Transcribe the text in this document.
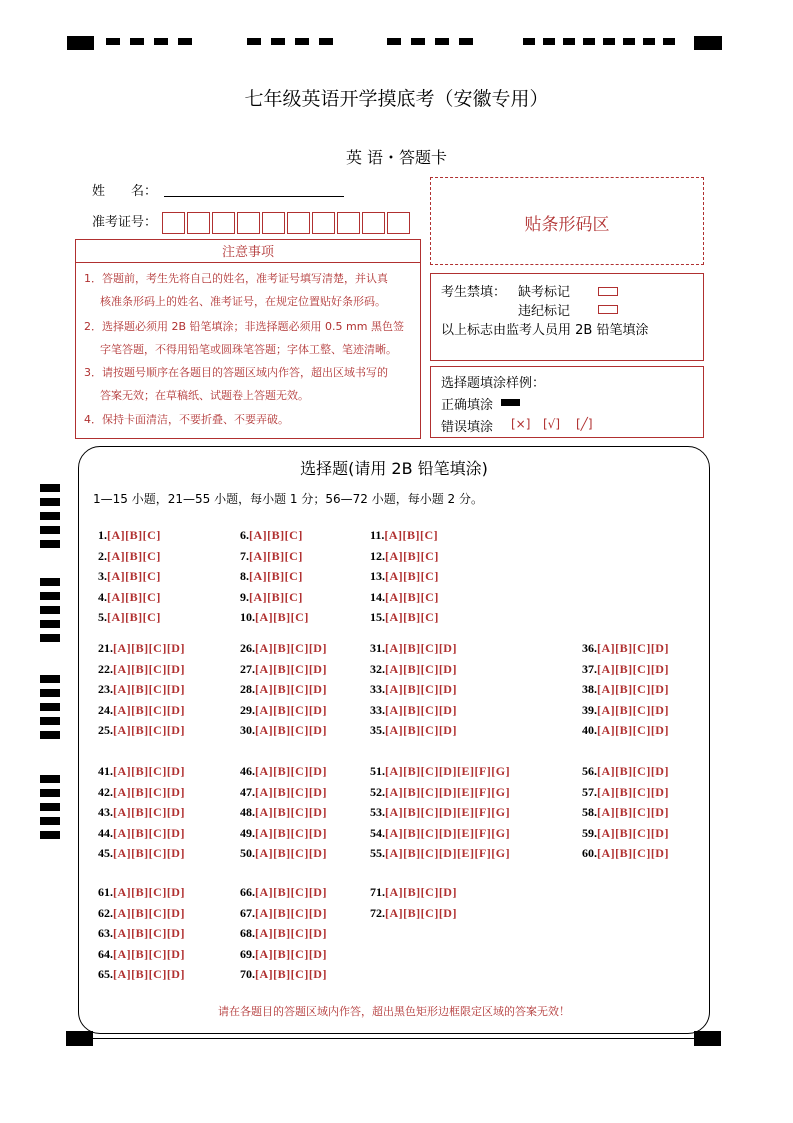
七年级英语开学摸底考（安徽专用）
英 语・答题卡
姓　　名：
准考证号：	贴条形码区
注意事项
1．答题前，考生先将自己的姓名，准考证号填写清楚，并认真
核准条形码上的姓名、准考证号，在规定位置贴好条形码。
2．选择题必须用 2B 铅笔填涂；非选择题必须用 0.5 mm 黑色签
字笔答题，不得用铅笔或圆珠笔答题；字体工整、笔迹清晰。
3．请按题号顺序在各题目的答题区域内作答，超出区域书写的
答案无效；在草稿纸、试题卷上答题无效。
4．保持卡面清洁，不要折叠、不要弄破。
考生禁填： 缺考标记
违纪标记
以上标志由监考人员用 2B 铅笔填涂
选择题填涂样例：
正确填涂
错误填涂 [×] [√] [╱]
选择题(请用 2B 铅笔填涂)
1—15 小题，21—55 小题，每小题 1 分；56—72 小题，每小题 2 分。
1.[A][B][C]
2.[A][B][C]
3.[A][B][C]
4.[A][B][C]
5.[A][B][C]
6.[A][B][C]
7.[A][B][C]
8.[A][B][C]
9.[A][B][C]
10.[A][B][C]
11.[A][B][C]
12.[A][B][C]
13.[A][B][C]
14.[A][B][C]
15.[A][B][C]
21.[A][B][C][D]
22.[A][B][C][D]
23.[A][B][C][D]
24.[A][B][C][D]
25.[A][B][C][D]
26.[A][B][C][D]
27.[A][B][C][D]
28.[A][B][C][D]
29.[A][B][C][D]
30.[A][B][C][D]
31.[A][B][C][D]
32.[A][B][C][D]
33.[A][B][C][D]
33.[A][B][C][D]
35.[A][B][C][D]
36.[A][B][C][D]
37.[A][B][C][D]
38.[A][B][C][D]
39.[A][B][C][D]
40.[A][B][C][D]
41.[A][B][C][D]
42.[A][B][C][D]
43.[A][B][C][D]
44.[A][B][C][D]
45.[A][B][C][D]
46.[A][B][C][D]
47.[A][B][C][D]
48.[A][B][C][D]
49.[A][B][C][D]
50.[A][B][C][D]
51.[A][B][C][D][E][F][G]
52.[A][B][C][D][E][F][G]
53.[A][B][C][D][E][F][G]
54.[A][B][C][D][E][F][G]
55.[A][B][C][D][E][F][G]
56.[A][B][C][D]
57.[A][B][C][D]
58.[A][B][C][D]
59.[A][B][C][D]
60.[A][B][C][D]
61.[A][B][C][D]
62.[A][B][C][D]
63.[A][B][C][D]
64.[A][B][C][D]
65.[A][B][C][D]
66.[A][B][C][D]
67.[A][B][C][D]
68.[A][B][C][D]
69.[A][B][C][D]
70.[A][B][C][D]
71.[A][B][C][D]
72.[A][B][C][D]
请在各题目的答题区域内作答，超出黑色矩形边框限定区域的答案无效！
